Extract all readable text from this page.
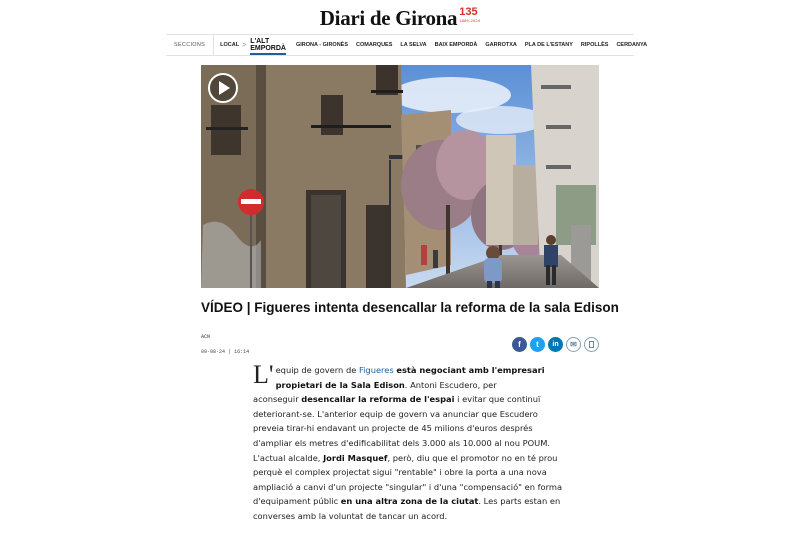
Diari de Girona 135
1889-2024
SECCIONS	LOCAL > L'ALT EMPORDÀ GIRONA - GIRONÈS COMARQUES LA SELVA BAIX EMPORDÀ GARROTXA PLA DE L'ESTANY RIPOLLÈS CERDANYA
VÍDEO | Figueres intenta desencallar la reforma de la sala Edison
ACN
09·08·24 | 16:14
f t in ✉
L' equip de govern de Figueres està negociant amb l'empresari
propietari de la Sala Edison. Antoni Escudero, per
aconseguir desencallar la reforma de l'espai i evitar que continuï
deteriorant-se. L'anterior equip de govern va anunciar que Escudero
preveia tirar-hi endavant un projecte de 45 milions d'euros després
d'ampliar els metres d'edificabilitat dels 3.000 als 10.000 al nou POUM.
L'actual alcalde, Jordi Masquef, però, diu que el promotor no en té prou
perquè el complex projectat sigui "rentable" i obre la porta a una nova
ampliació a canvi d'un projecte "singular" i d'una "compensació" en forma
d'equipament públic en una altra zona de la ciutat. Les parts estan en
converses amb la voluntat de tancar un acord.
